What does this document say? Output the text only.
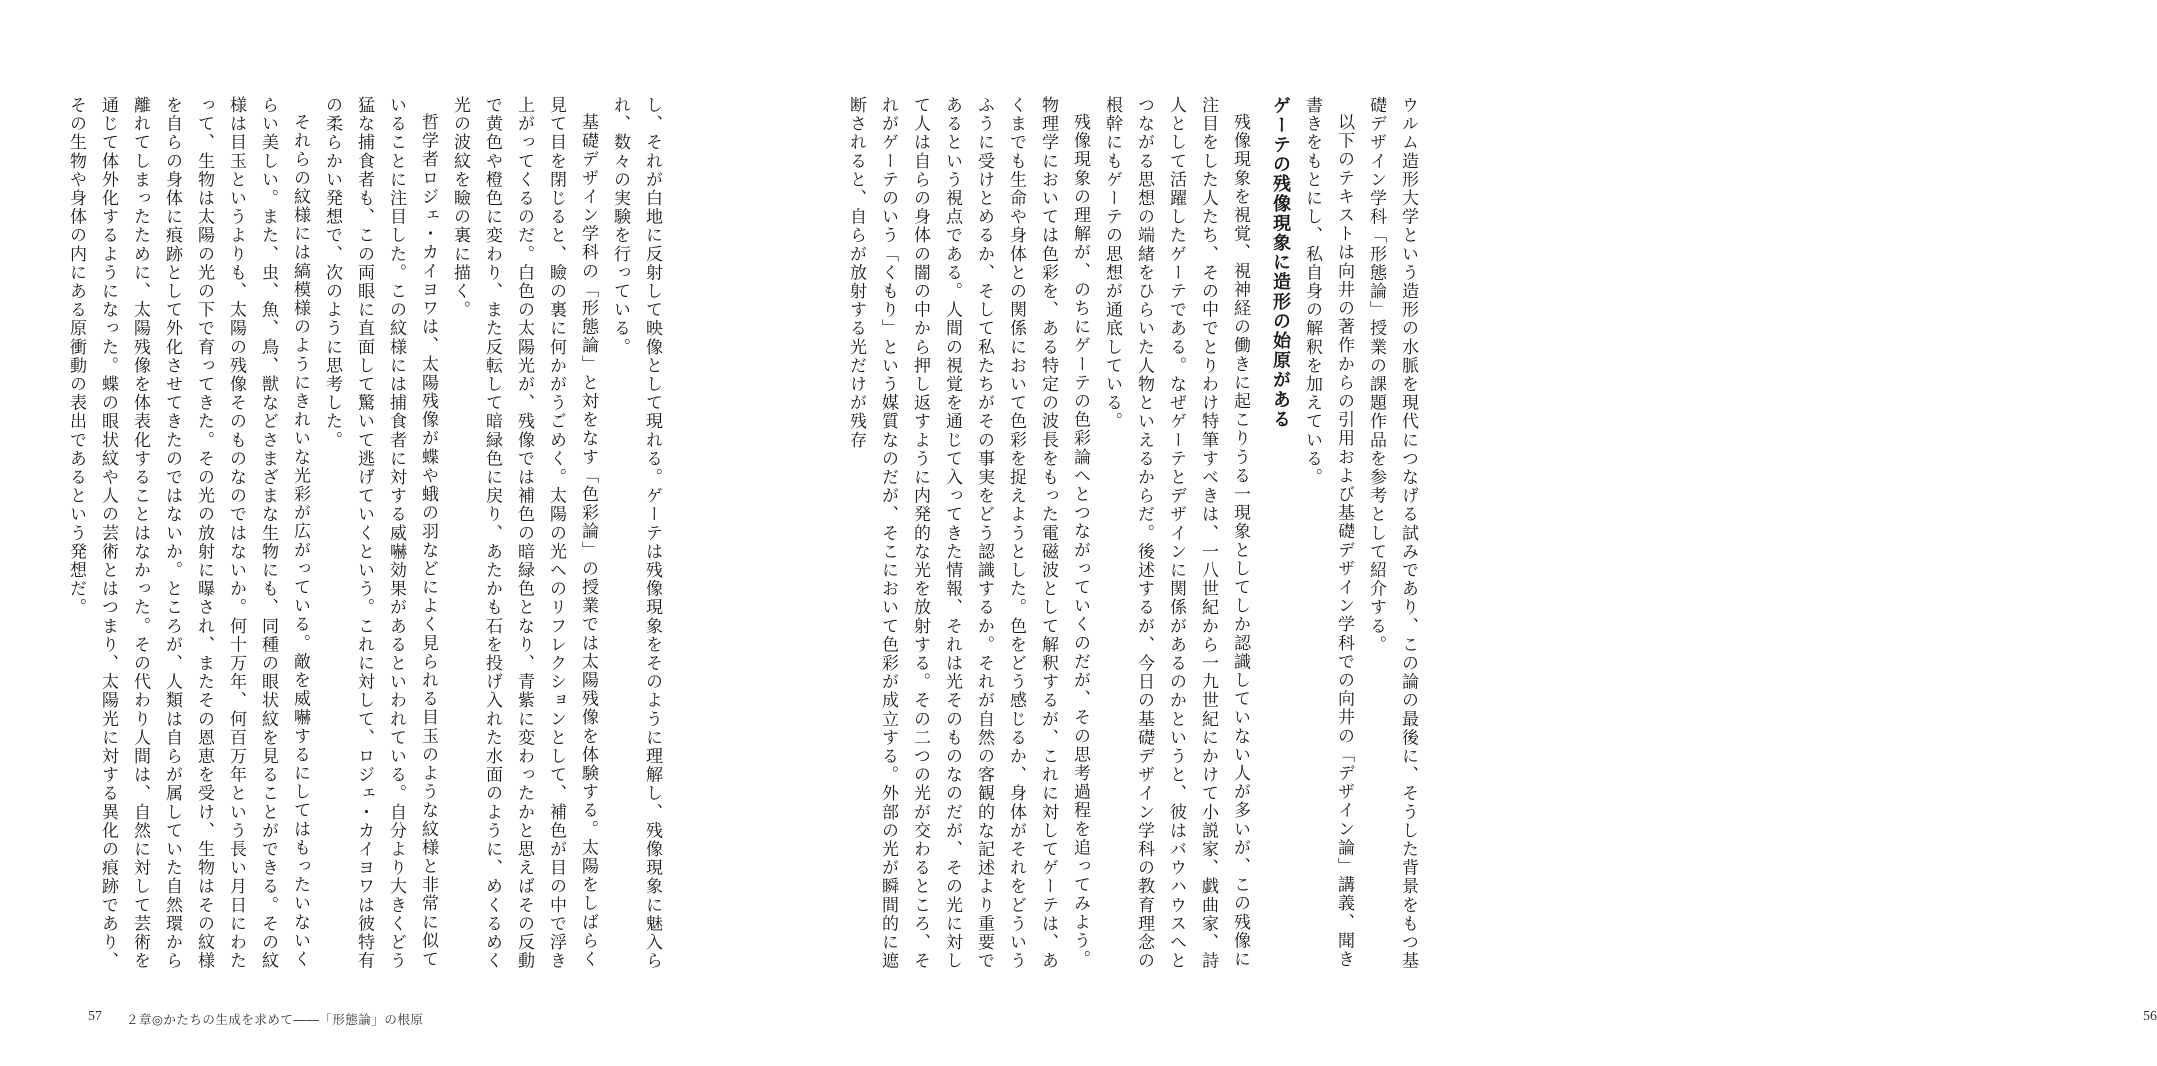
し、それが白地に反射して映像として現れる。ゲーテは残像現象をそのように理解し、残像現象に魅入られ、数々の実験を行っている。

基礎デザイン学科の「形態論」と対をなす「色彩論」の授業では太陽残像を体験する。太陽をしばらく見て目を閉じると、瞼の裏に何かがうごめく。太陽の光へのリフレクションとして、補色が目の中で浮き上がってくるのだ。白色の太陽光が、残像では補色の暗緑色となり、青紫に変わったかと思えばその反動で黄色や橙色に変わり、また反転して暗緑色に戻り、あたかも石を投げ入れた水面のように、めくるめく光の波紋を瞼の裏に描く。

哲学者ロジェ・カイヨワは、太陽残像が蝶や蛾の羽などによく見られる目玉のような紋様と非常に似ていることに注目した。この紋様には捕食者に対する威嚇効果があるといわれている。自分より大きくどう猛な捕食者も、この両眼に直面して驚いて逃げていくという。これに対して、ロジェ・カイヨワは彼特有の柔らかい発想で、次のように思考した。

それらの紋様には縞模様のようにきれいな光彩が広がっている。敵を威嚇するにしてはもったいないくらい美しい。また、虫、魚、鳥、獣などさまざまな生物にも、同種の眼状紋を見ることができる。その紋様は目玉というよりも、太陽の残像そのものなのではないか。何十万年、何百万年という長い月日にわたって、生物は太陽の光の下で育ってきた。その光の放射に曝され、またその恩恵を受け、生物はその紋様を自らの身体に痕跡として外化させてきたのではないか。ところが、人類は自らが属していた自然環から離れてしまったために、太陽残像を体表化することはなかった。その代わり人間は、自然に対して芸術を通じて体外化するようになった。蝶の眼状紋や人の芸術とはつまり、太陽光に対する異化の痕跡であり、その生物や身体の内にある原衝動の表出であるという発想だ。

57 ２章◎かたちの生成を求めて――「形態論」の根原

ウルム造形大学という造形の水脈を現代につなげる試みであり、この論の最後に、そうした背景をもつ基礎デザイン学科「形態論」授業の課題作品を参考として紹介する。

以下のテキストは向井の著作からの引用および基礎デザイン学科での向井の「デザイン論」講義、聞き書きをもとにし、私自身の解釈を加えている。

ゲーテの残像現象に造形の始原がある

残像現象を視覚、視神経の働きに起こりうる一現象としてしか認識していない人が多いが、この残像に注目をした人たち、その中でとりわけ特筆すべきは、一八世紀から一九世紀にかけて小説家、戯曲家、詩人として活躍したゲーテである。なぜゲーテとデザインに関係があるのかというと、彼はバウハウスへとつながる思想の端緒をひらいた人物といえるからだ。後述するが、今日の基礎デザイン学科の教育理念の根幹にもゲーテの思想が通底している。

残像現象の理解が、のちにゲーテの色彩論へとつながっていくのだが、その思考過程を追ってみよう。物理学においては色彩を、ある特定の波長をもった電磁波として解釈するが、これに対してゲーテは、あくまでも生命や身体との関係において色彩を捉えようとした。色をどう感じるか、身体がそれをどういうふうに受けとめるか、そして私たちがその事実をどう認識するか。それが自然の客観的な記述より重要であるという視点である。人間の視覚を通じて入ってきた情報、それは光そのものなのだが、その光に対して人は自らの身体の闇の中から押し返すように内発的な光を放射する。その二つの光が交わるところ、それがゲーテのいう「くもり」という媒質なのだが、そこにおいて色彩が成立する。外部の光が瞬間的に遮断されると、自らが放射する光だけが残存

56
